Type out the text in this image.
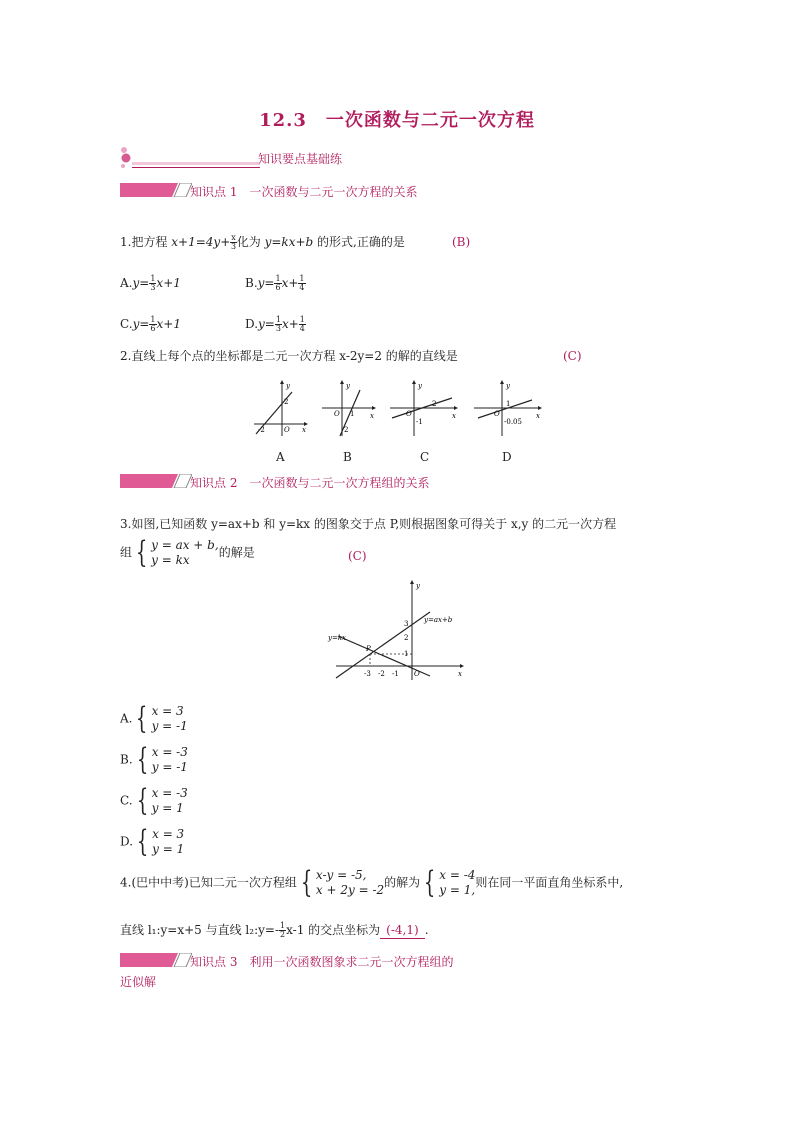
12.3　一次函数与二元一次方程
知识要点基础练
知识点 1　一次函数与二元一次方程的关系
1.把方程 $x+1=4y+ \frac{x}{3}$ 化为 y=kx+b 的形式,正确的是	(B)
$A.y= \frac{1}{3} x+1$	$B.y= \frac{1}{6} x+ \frac{1}{4}$
$C.y= \frac{1}{6} x+1$	$D.y= \frac{1}{3} x+ \frac{1}{4}$
2.直线上每个点的坐标都是二元一次方程 x-2y=2 的解的直线是	(C)
y
x
O
2
-2
y
x
O 1
2
y
x
O
2
-1
y
x
O
1
-0.05
A	B	C	D
知识点 2　一次函数与二元一次方程组的关系
3.如图,已知函数 y=ax+b 和 y=kx 的图象交于点 P,则根据图象可得关于 x,y 的二元一次方程
组 { y = ax + b,
y = kx的解是	(C)
y
x
y=ax+b
y=kx
P
O
-3 -2 -1
3
2
1
A. { x = 3
y = -1
B. { x = -3
y = -1
C. { x = -3
y = 1
D. { x = 3
y = 1
4.(巴中中考)已知二元一次方程组 { x-y = -5,
x + 2y = -2的解为 { x = -4
y = 1,则在同一平面直角坐标系中,
直线 l₁:y=x+5 与直线 l₂:y=- $\frac{1}{2} x-1$ 的交点坐标为 (-4,1) .
知识点 3　利用一次函数图象求二元一次方程组的
近似解
